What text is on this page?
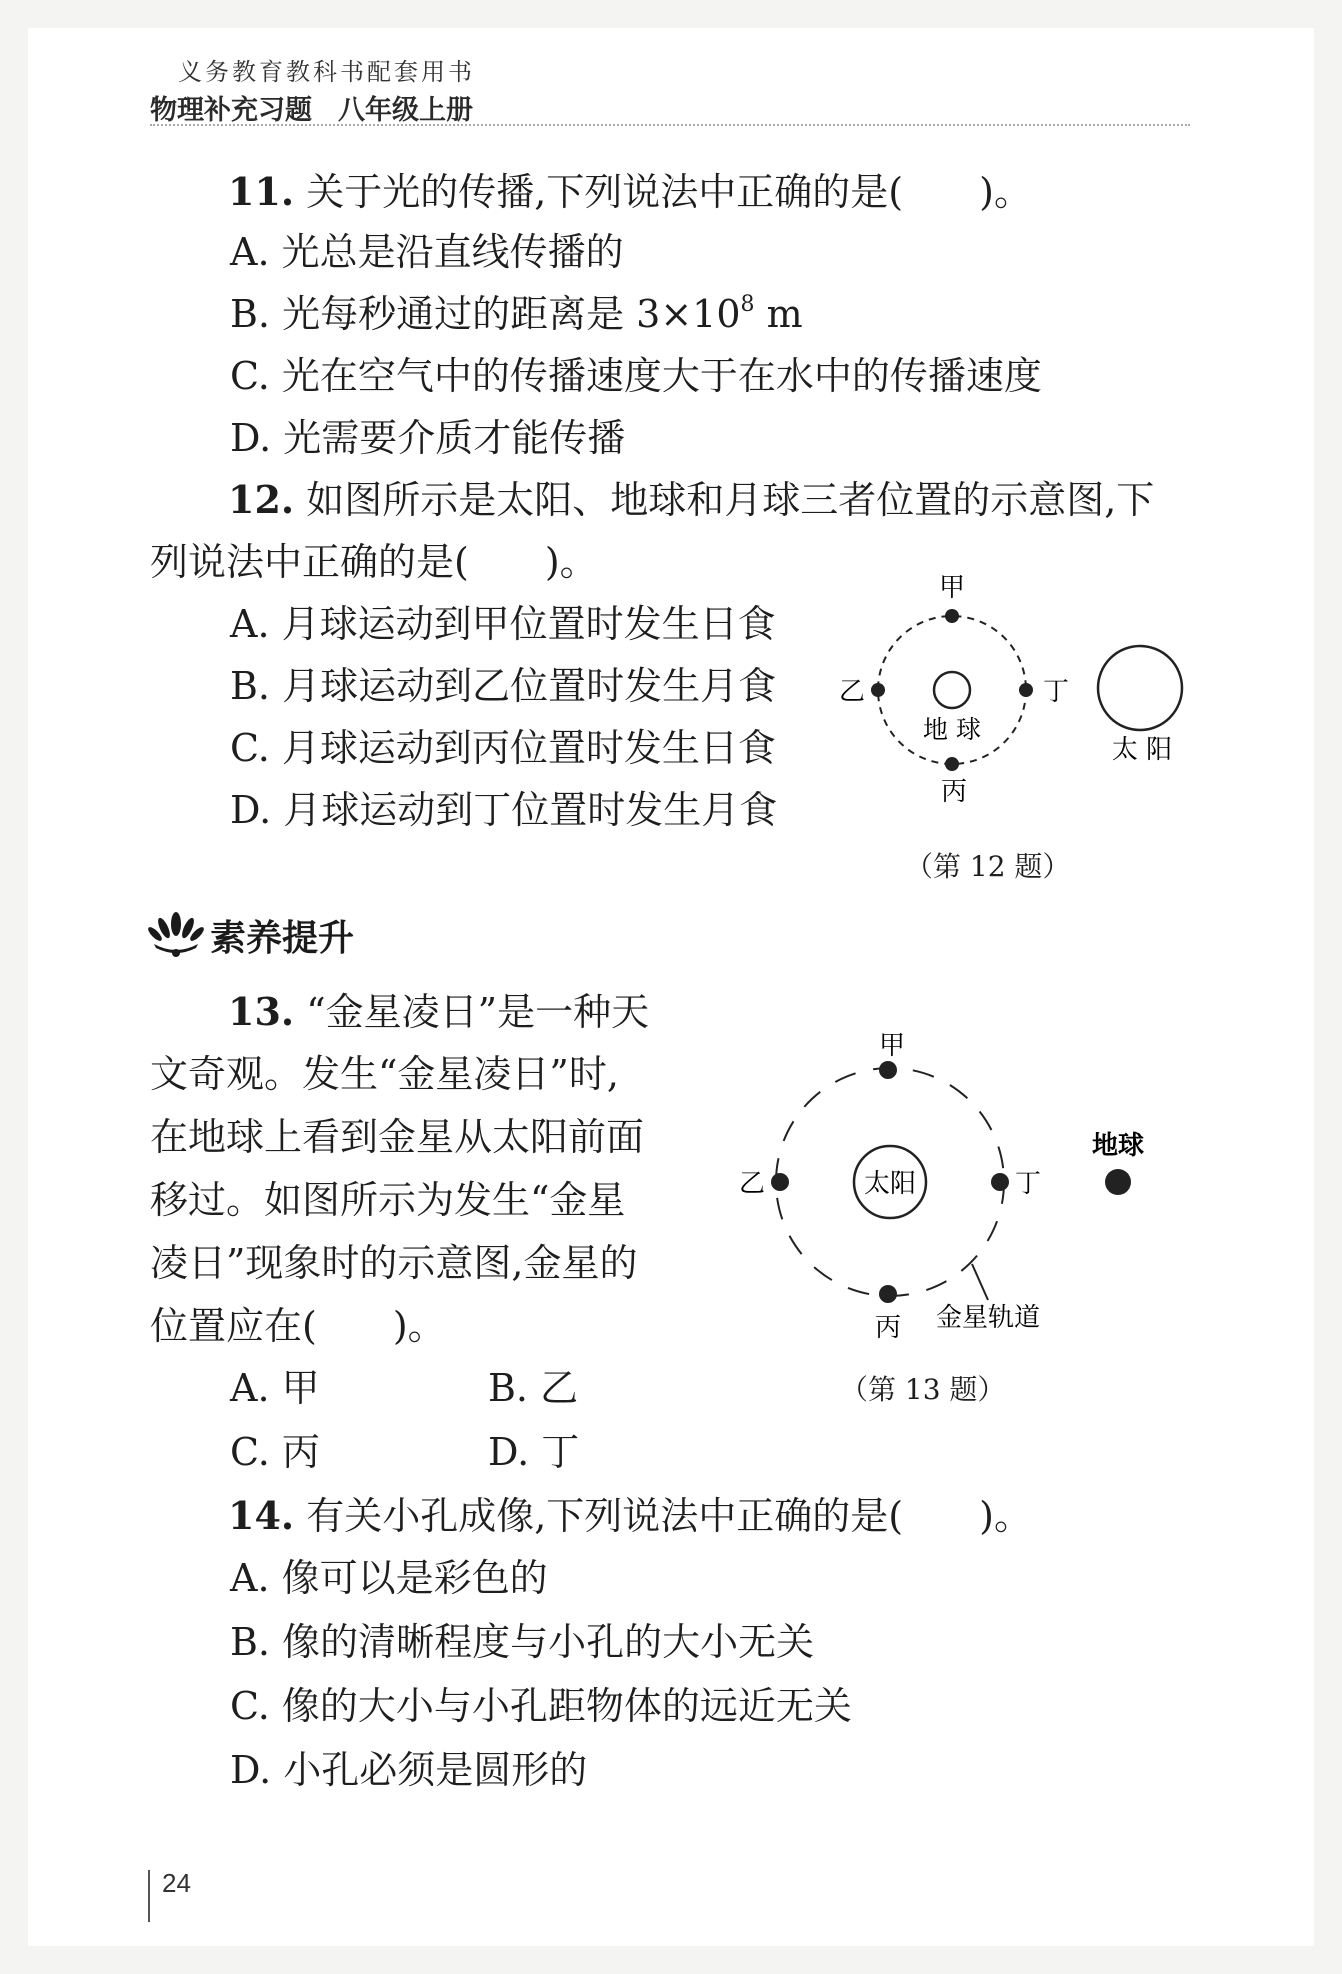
义务教育教科书配套用书
物理补充习题 八年级上册
11. 关于光的传播,下列说法中正确的是(　　)。
A. 光总是沿直线传播的
B. 光每秒通过的距离是 $3\times 10^8$ m
C. 光在空气中的传播速度大于在水中的传播速度
D. 光需要介质才能传播
12. 如图所示是太阳、地球和月球三者位置的示意图,下
列说法中正确的是(　　)。
A. 月球运动到甲位置时发生日食
B. 月球运动到乙位置时发生月食
C. 月球运动到丙位置时发生日食
D. 月球运动到丁位置时发生月食
甲
乙
丙
丁
地 球
太 阳
（第 12 题）
素养提升
13. “金星凌日”是一种天
文奇观。发生“金星凌日”时,
在地球上看到金星从太阳前面
移过。如图所示为发生“金星
凌日”现象时的示意图,金星的
位置应在(　　)。
A. 甲	B. 乙
C. 丙	D. 丁
太阳
甲
乙
丙
丁
地球
金星轨道
（第 13 题）
14. 有关小孔成像,下列说法中正确的是(　　)。
A. 像可以是彩色的
B. 像的清晰程度与小孔的大小无关
C. 像的大小与小孔距物体的远近无关
D. 小孔必须是圆形的
24
